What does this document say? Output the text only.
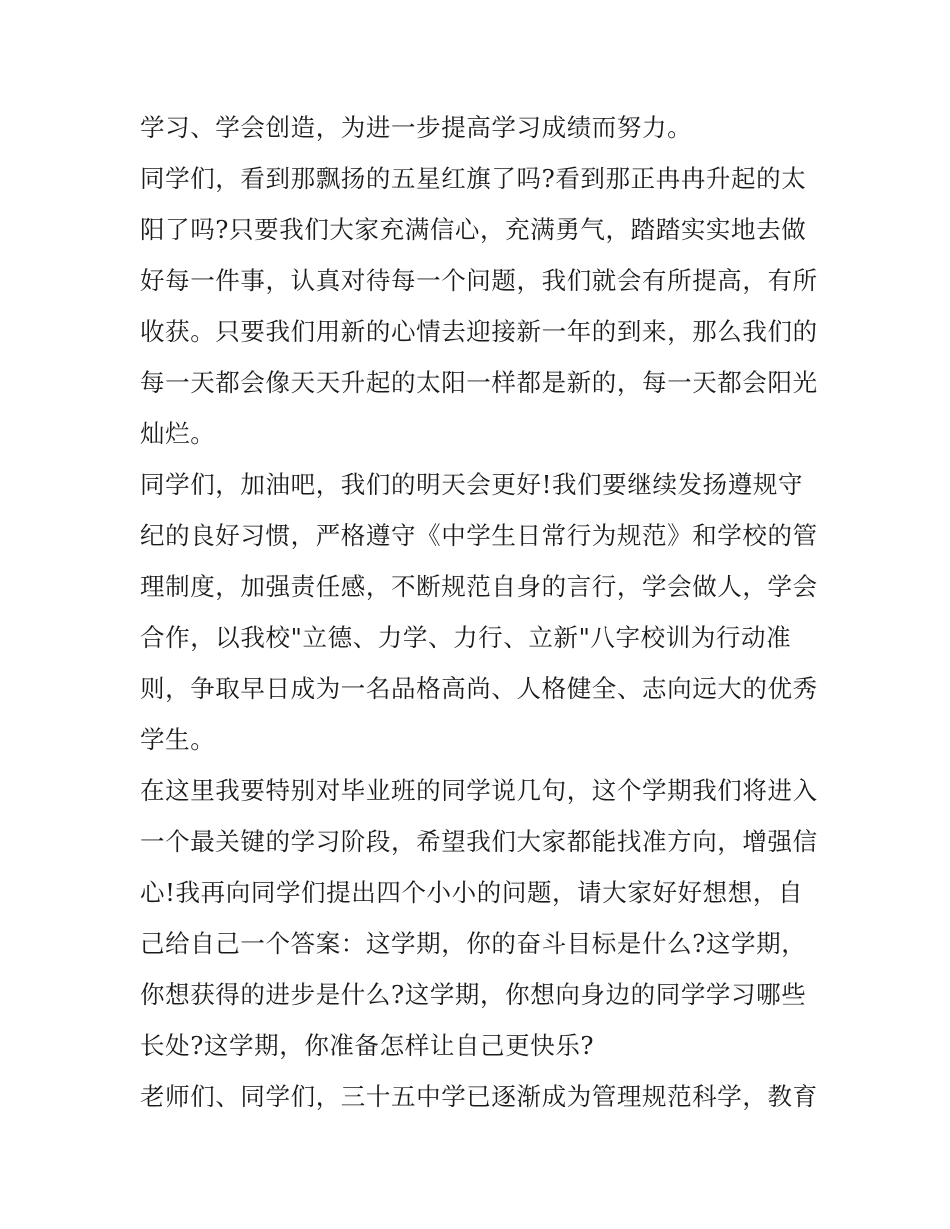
学习、学会创造，为进一步提高学习成绩而努力。
同学们，看到那飘扬的五星红旗了吗?看到那正冉冉升起的太
阳了吗?只要我们大家充满信心，充满勇气，踏踏实实地去做
好每一件事，认真对待每一个问题，我们就会有所提高，有所
收获。只要我们用新的心情去迎接新一年的到来，那么我们的
每一天都会像天天升起的太阳一样都是新的，每一天都会阳光
灿烂。
同学们，加油吧，我们的明天会更好!我们要继续发扬遵规守
纪的良好习惯，严格遵守《中学生日常行为规范》和学校的管
理制度，加强责任感，不断规范自身的言行，学会做人，学会
合作，以我校"立德、力学、力行、立新"八字校训为行动准
则，争取早日成为一名品格高尚、人格健全、志向远大的优秀
学生。
在这里我要特别对毕业班的同学说几句，这个学期我们将进入
一个最关键的学习阶段，希望我们大家都能找准方向，增强信
心!我再向同学们提出四个小小的问题，请大家好好想想，自
己给自己一个答案：这学期，你的奋斗目标是什么?这学期，
你想获得的进步是什么?这学期，你想向身边的同学学习哪些
长处?这学期，你准备怎样让自己更快乐?
老师们、同学们，三十五中学已逐渐成为管理规范科学，教育
